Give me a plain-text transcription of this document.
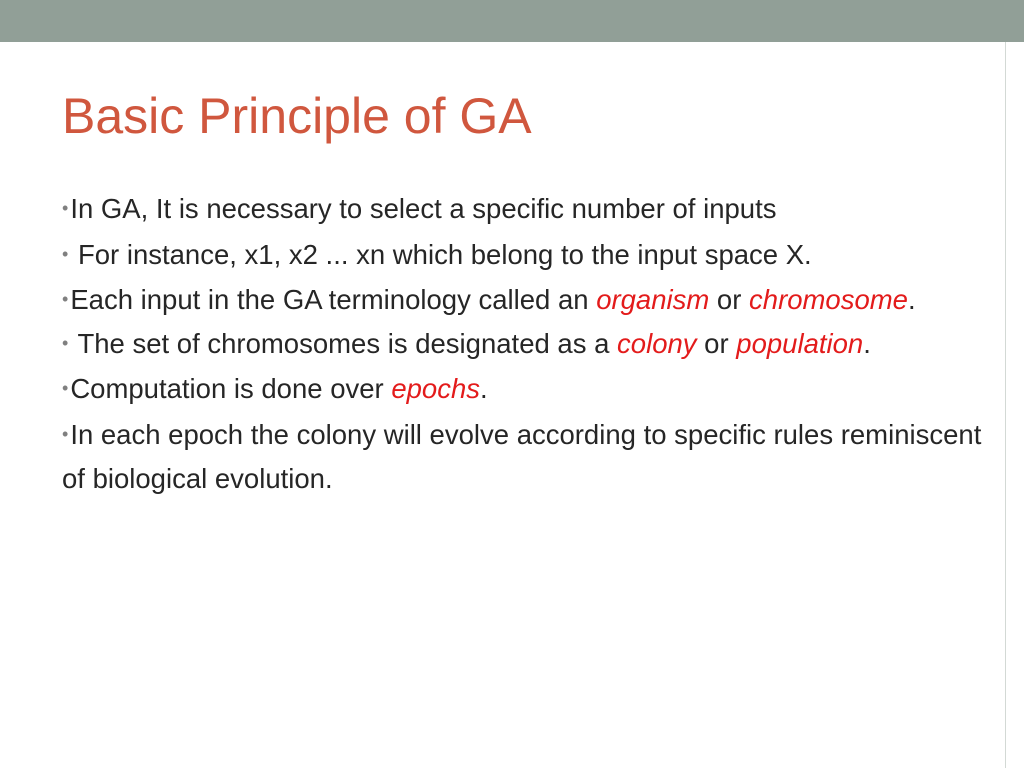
Basic Principle of GA
•In GA, It is necessary to select a specific number of inputs
• For instance, x1, x2 ... xn which belong to the input space X.
•Each input in the GA terminology called an organism or chromosome.
• The set of chromosomes is designated as a colony or population.
•Computation is done over epochs.
•In each epoch the colony will evolve according to specific rules reminiscent of biological evolution.
